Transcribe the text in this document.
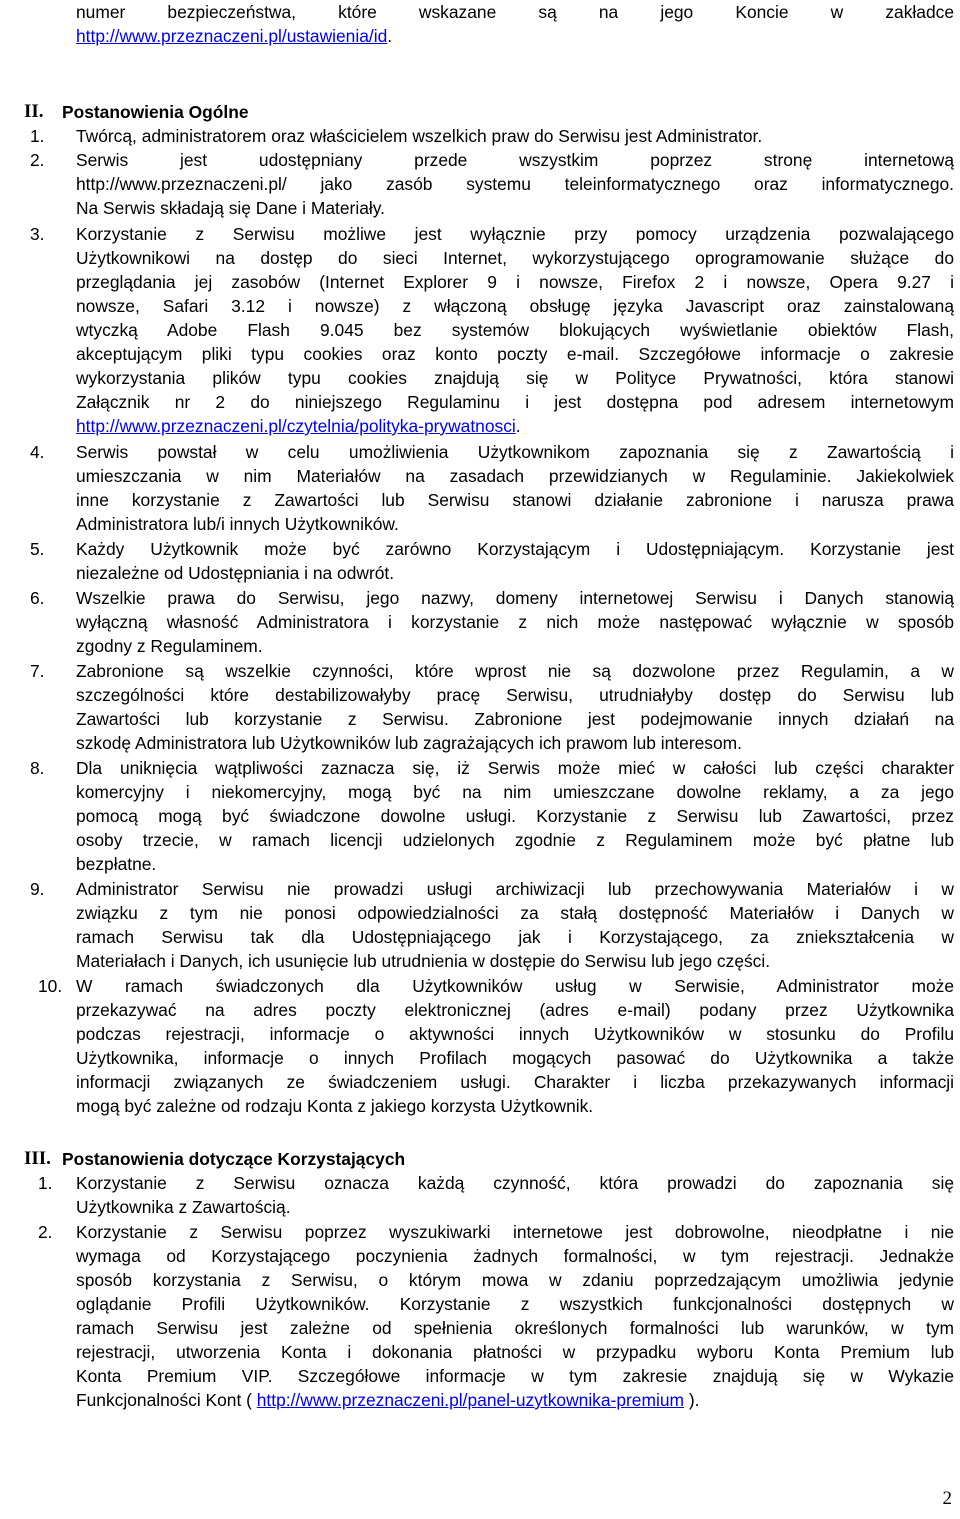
numer bezpieczeństwa, które wskazane są na jego Koncie w zakładce
http://www.przeznaczeni.pl/ustawienia/id.
II. Postanowienia Ogólne
1. Twórcą, administratorem oraz właścicielem wszelkich praw do Serwisu jest Administrator.
2. Serwis jest udostępniany przede wszystkim poprzez stronę internetową
http://www.przeznaczeni.pl/ jako zasób systemu teleinformatycznego oraz informatycznego.
Na Serwis składają się Dane i Materiały.
3. Korzystanie z Serwisu możliwe jest wyłącznie przy pomocy urządzenia pozwalającego
Użytkownikowi na dostęp do sieci Internet, wykorzystującego oprogramowanie służące do
przeglądania jej zasobów (Internet Explorer 9 i nowsze, Firefox 2 i nowsze, Opera 9.27 i
nowsze, Safari 3.12 i nowsze) z włączoną obsługę języka Javascript oraz zainstalowaną
wtyczką Adobe Flash 9.045 bez systemów blokujących wyświetlanie obiektów Flash,
akceptującym pliki typu cookies oraz konto poczty e-mail. Szczegółowe informacje o zakresie
wykorzystania plików typu cookies znajdują się w Polityce Prywatności, która stanowi
Załącznik nr 2 do niniejszego Regulaminu i jest dostępna pod adresem internetowym
http://www.przeznaczeni.pl/czytelnia/polityka-prywatnosci.
4. Serwis powstał w celu umożliwienia Użytkownikom zapoznania się z Zawartością i
umieszczania w nim Materiałów na zasadach przewidzianych w Regulaminie. Jakiekolwiek
inne korzystanie z Zawartości lub Serwisu stanowi działanie zabronione i narusza prawa
Administratora lub/i innych Użytkowników.
5. Każdy Użytkownik może być zarówno Korzystającym i Udostępniającym. Korzystanie jest
niezależne od Udostępniania i na odwrót.
6. Wszelkie prawa do Serwisu, jego nazwy, domeny internetowej Serwisu i Danych stanowią
wyłączną własność Administratora i korzystanie z nich może następować wyłącznie w sposób
zgodny z Regulaminem.
7. Zabronione są wszelkie czynności, które wprost nie są dozwolone przez Regulamin, a w
szczególności które destabilizowałyby pracę Serwisu, utrudniałyby dostęp do Serwisu lub
Zawartości lub korzystanie z Serwisu. Zabronione jest podejmowanie innych działań na
szkodę Administratora lub Użytkowników lub zagrażających ich prawom lub interesom.
8. Dla uniknięcia wątpliwości zaznacza się, iż Serwis może mieć w całości lub części charakter
komercyjny i niekomercyjny, mogą być na nim umieszczane dowolne reklamy, a za jego
pomocą mogą być świadczone dowolne usługi. Korzystanie z Serwisu lub Zawartości, przez
osoby trzecie, w ramach licencji udzielonych zgodnie z Regulaminem może być płatne lub
bezpłatne.
9. Administrator Serwisu nie prowadzi usługi archiwizacji lub przechowywania Materiałów i w
związku z tym nie ponosi odpowiedzialności za stałą dostępność Materiałów i Danych w
ramach Serwisu tak dla Udostępniającego jak i Korzystającego, za zniekształcenia w
Materiałach i Danych, ich usunięcie lub utrudnienia w dostępie do Serwisu lub jego części.
10. W ramach świadczonych dla Użytkowników usług w Serwisie, Administrator może
przekazywać na adres poczty elektronicznej (adres e-mail) podany przez Użytkownika
podczas rejestracji, informacje o aktywności innych Użytkowników w stosunku do Profilu
Użytkownika, informacje o innych Profilach mogących pasować do Użytkownika a także
informacji związanych ze świadczeniem usługi. Charakter i liczba przekazywanych informacji
mogą być zależne od rodzaju Konta z jakiego korzysta Użytkownik.
III. Postanowienia dotyczące Korzystających
1. Korzystanie z Serwisu oznacza każdą czynność, która prowadzi do zapoznania się
Użytkownika z Zawartością.
2. Korzystanie z Serwisu poprzez wyszukiwarki internetowe jest dobrowolne, nieodpłatne i nie
wymaga od Korzystającego poczynienia żadnych formalności, w tym rejestracji. Jednakże
sposób korzystania z Serwisu, o którym mowa w zdaniu poprzedzającym umożliwia jedynie
oglądanie Profili Użytkowników. Korzystanie z wszystkich funkcjonalności dostępnych w
ramach Serwisu jest zależne od spełnienia określonych formalności lub warunków, w tym
rejestracji, utworzenia Konta i dokonania płatności w przypadku wyboru Konta Premium lub
Konta Premium VIP. Szczegółowe informacje w tym zakresie znajdują się w Wykazie
Funkcjonalności Kont ( http://www.przeznaczeni.pl/panel-uzytkownika-premium ).
2
